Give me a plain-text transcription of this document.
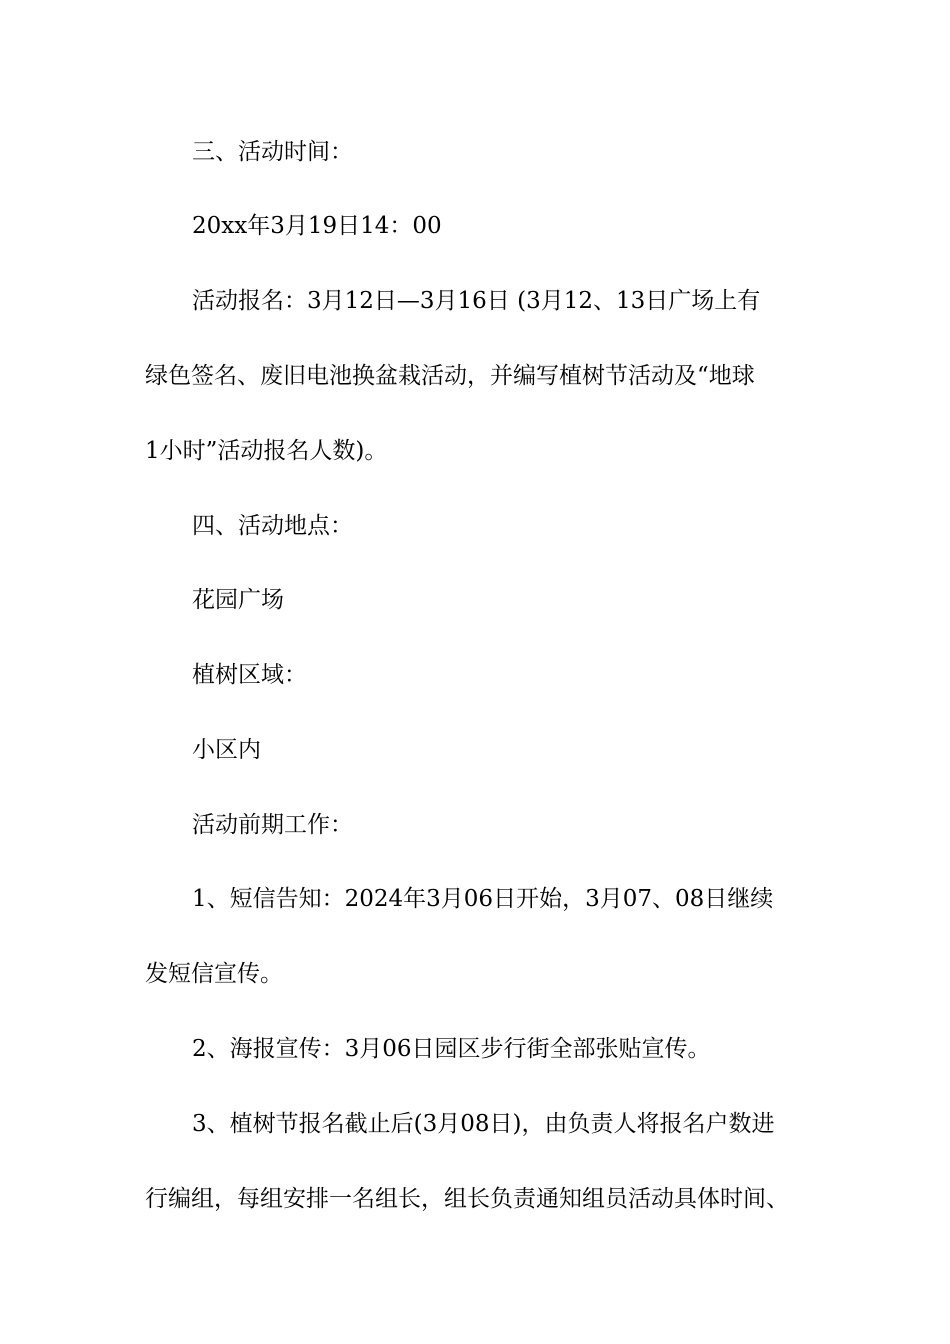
三、活动时间：
20xx年3月19日14：00
活动报名：3月12日—3月16日 (3月12、13日广场上有
绿色签名、废旧电池换盆栽活动，并编写植树节活动及“地球
1小时”活动报名人数)。
四、活动地点：
花园广场
植树区域：
小区内
活动前期工作：
1、短信告知：2024年3月06日开始，3月07、08日继续
发短信宣传。
2、海报宣传：3月06日园区步行街全部张贴宣传。
3、植树节报名截止后(3月08日)，由负责人将报名户数进
行编组，每组安排一名组长，组长负责通知组员活动具体时间、
